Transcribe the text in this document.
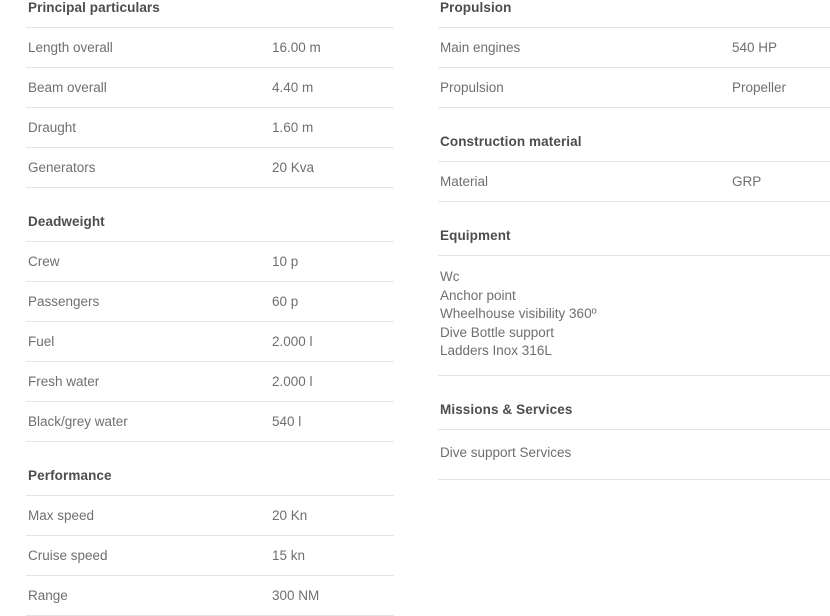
Principal particulars
Length overall	16.00 m
Beam overall	4.40 m
Draught	1.60 m
Generators	20 Kva
Deadweight
Crew	10 p
Passengers	60 p
Fuel	2.000 l
Fresh water	2.000 l
Black/grey water	540 l
Performance
Max speed	20 Kn
Cruise speed	15 kn
Range	300 NM
Propulsion
Main engines	540 HP
Propulsion	Propeller
Construction material
Material	GRP
Equipment
Wc
Anchor point
Wheelhouse visibility 360º
Dive Bottle support
Ladders Inox 316L
Missions & Services
Dive support Services
